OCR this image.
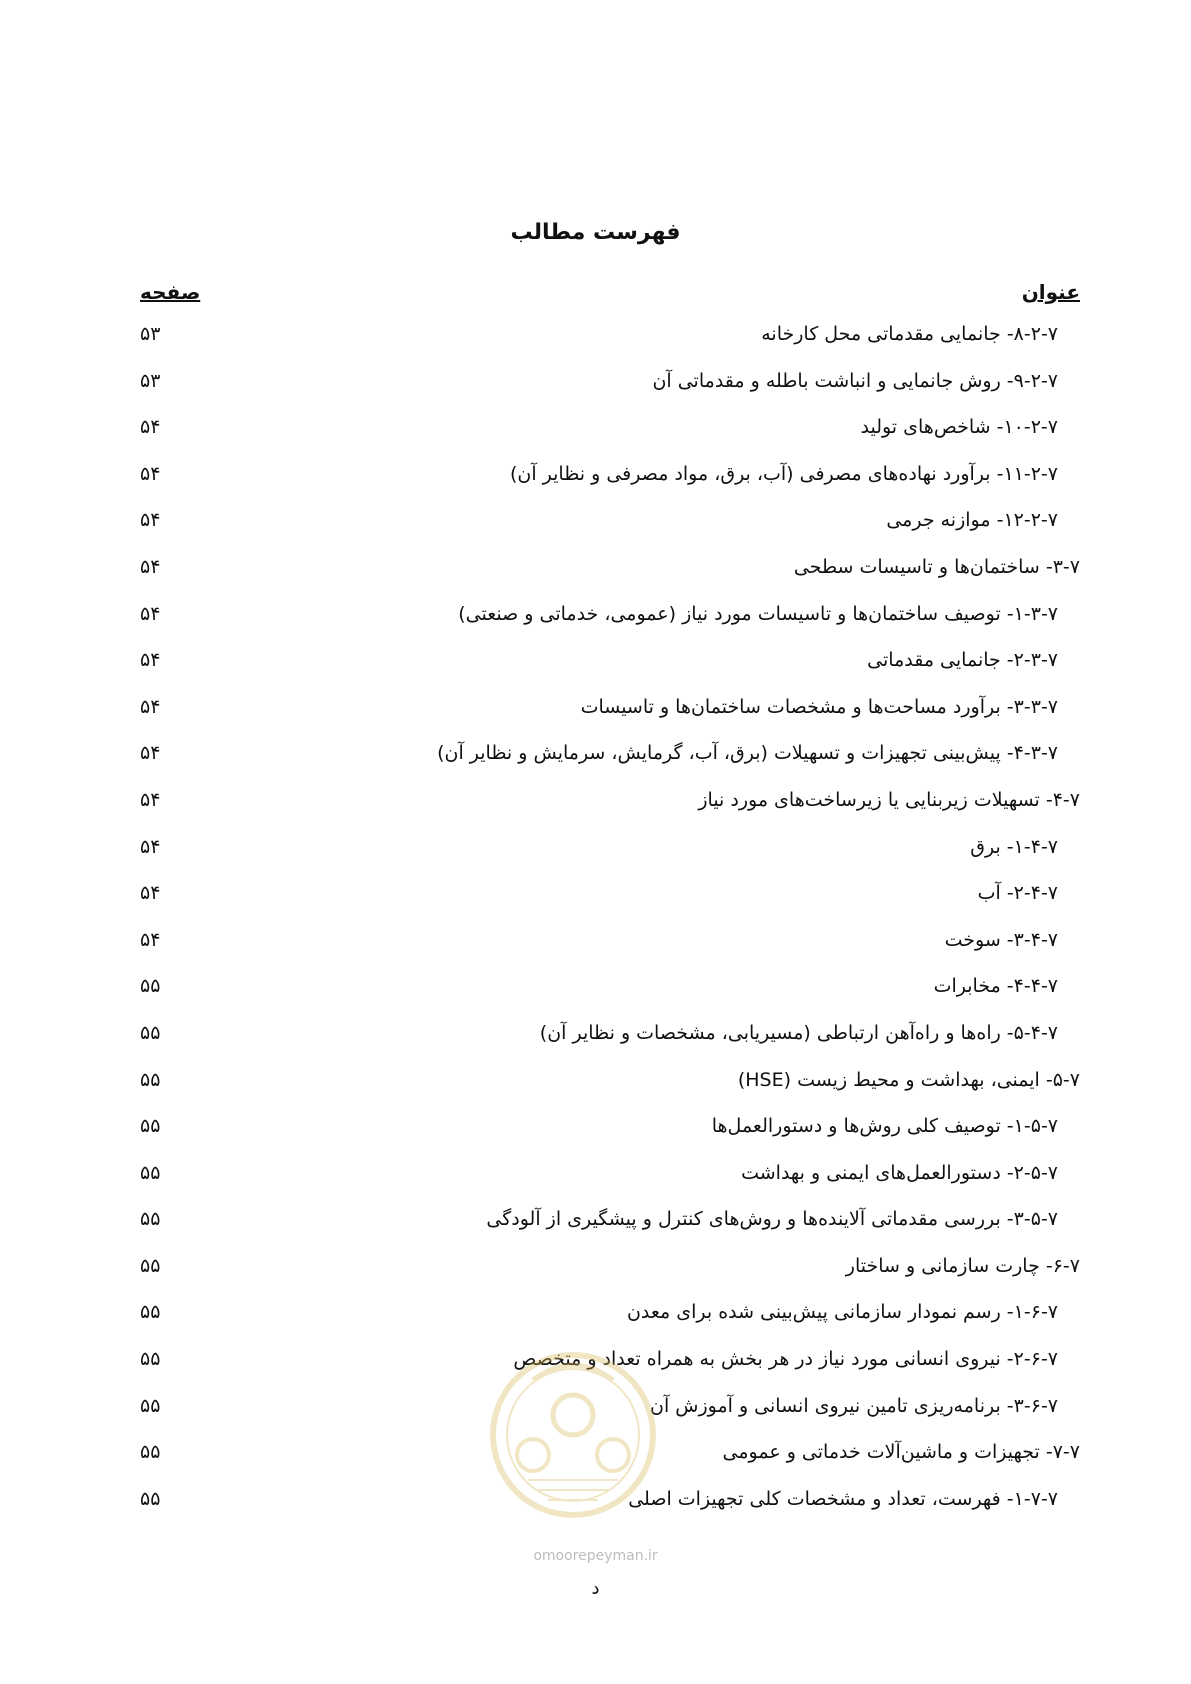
فهرست مطالب
عنوان
صفحه
۸-۲-۷- جانمایی مقدماتی محل کارخانه
۵۳
۹-۲-۷- روش جانمایی و انباشت باطله و مقدماتی آن
۵۳
۱۰-۲-۷- شاخص‌های تولید
۵۴
۱۱-۲-۷- برآورد نهاده‌های مصرفی (آب، برق، مواد مصرفی و نظایر آن)
۵۴
۱۲-۲-۷- موازنه جرمی
۵۴
۳-۷- ساختمان‌ها و تاسیسات سطحی
۵۴
۱-۳-۷- توصیف ساختمان‌ها و تاسیسات مورد نیاز (عمومی، خدماتی و صنعتی)
۵۴
۲-۳-۷- جانمایی مقدماتی
۵۴
۳-۳-۷- برآورد مساحت‌ها و مشخصات ساختمان‌ها و تاسیسات
۵۴
۴-۳-۷- پیش‌بینی تجهیزات و تسهیلات (برق، آب، گرمایش، سرمایش و نظایر آن)
۵۴
۴-۷- تسهیلات زیربنایی یا زیرساخت‌های مورد نیاز
۵۴
۱-۴-۷- برق
۵۴
۲-۴-۷- آب
۵۴
۳-۴-۷- سوخت
۵۴
۴-۴-۷- مخابرات
۵۵
۵-۴-۷- راه‌ها و راه‌آهن ارتباطی (مسیریابی، مشخصات و نظایر آن)
۵۵
۵-۷- ایمنی، بهداشت و محیط زیست (HSE)
۵۵
۱-۵-۷- توصیف کلی روش‌ها و دستورالعمل‌ها
۵۵
۲-۵-۷- دستورالعمل‌های ایمنی و بهداشت
۵۵
۳-۵-۷- بررسی مقدماتی آلاینده‌ها و روش‌های کنترل و پیشگیری از آلودگی
۵۵
۶-۷- چارت سازمانی و ساختار
۵۵
۱-۶-۷- رسم نمودار سازمانی پیش‌بینی شده برای معدن
۵۵
۲-۶-۷- نیروی انسانی مورد نیاز در هر بخش به همراه تعداد و متخصص
۵۵
۳-۶-۷- برنامه‌ریزی تامین نیروی انسانی و آموزش آن
۵۵
۷-۷- تجهیزات و ماشین‌آلات خدماتی و عمومی
۵۵
۱-۷-۷- فهرست، تعداد و مشخصات کلی تجهیزات اصلی
۵۵
omoorepeyman.ir
د
